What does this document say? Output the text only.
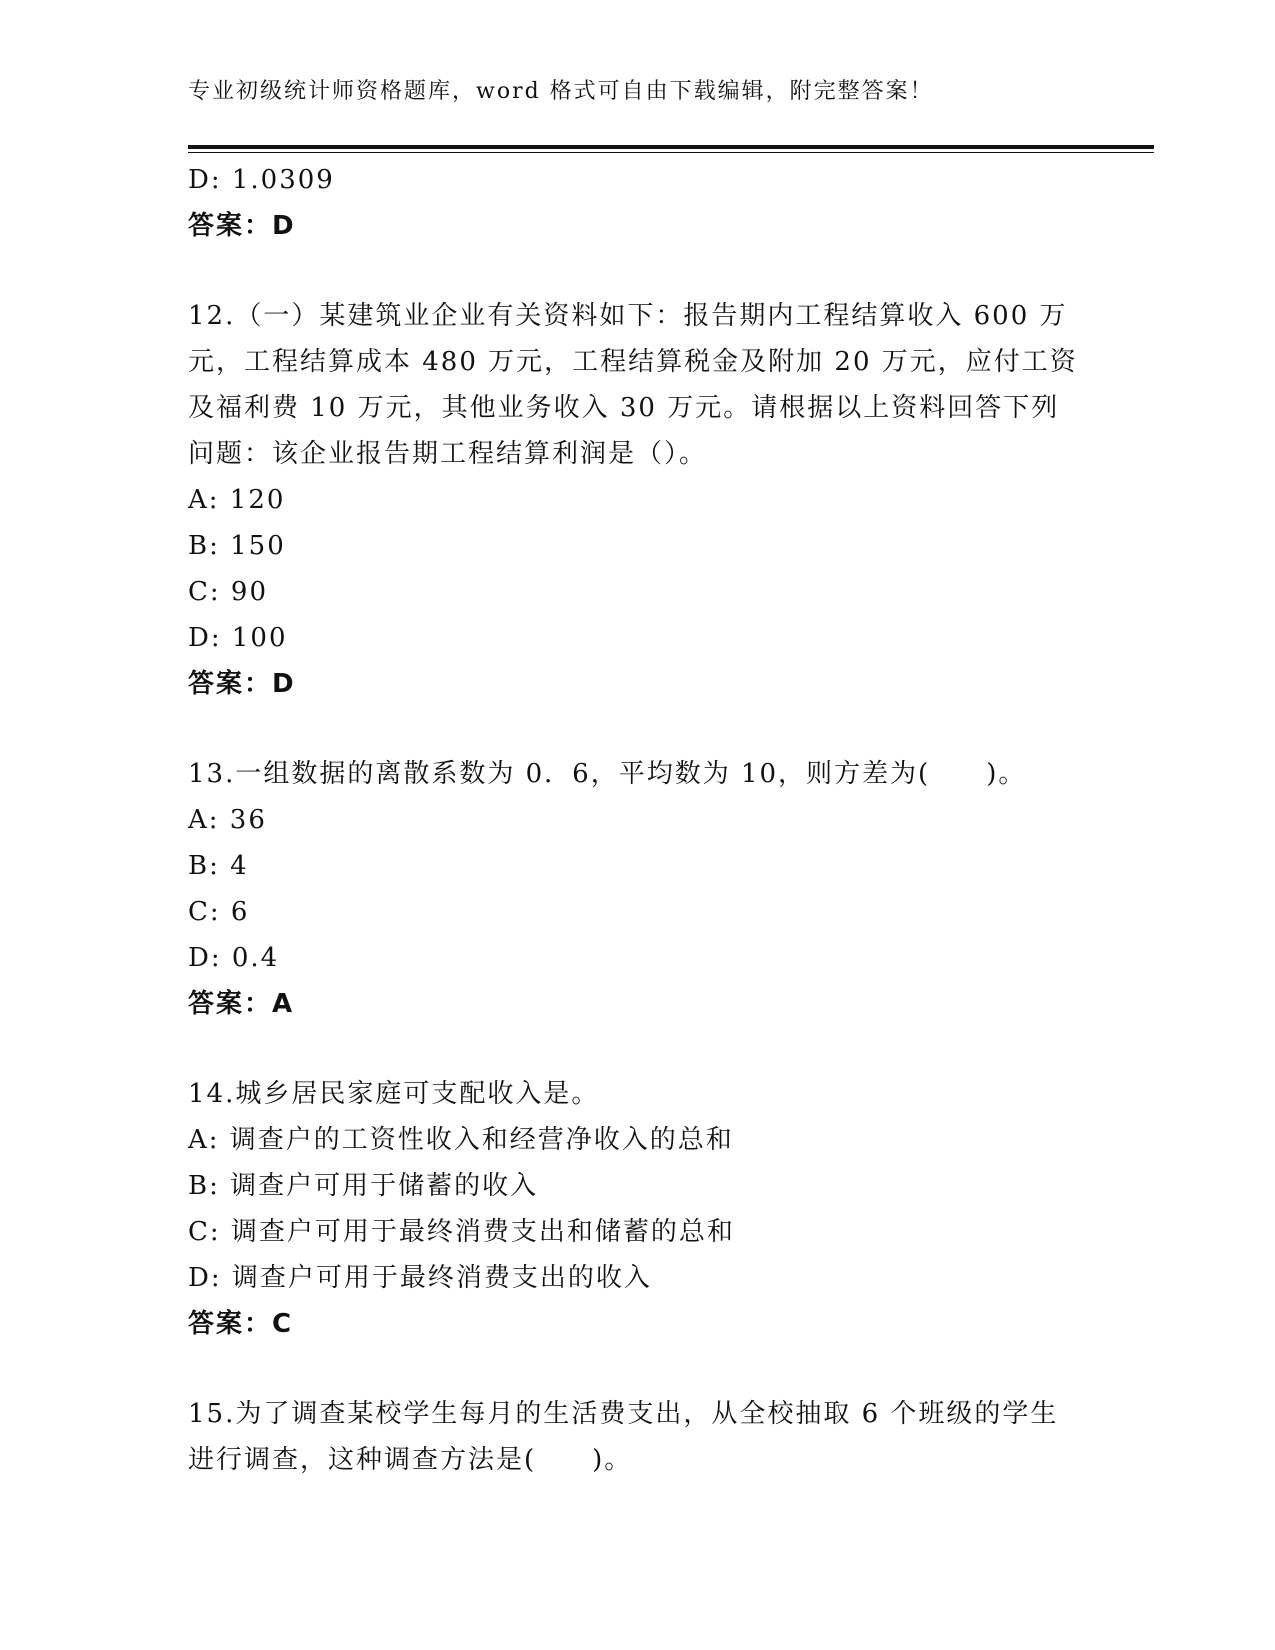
专业初级统计师资格题库，word 格式可自由下载编辑，附完整答案！
D: 1.0309
答案：D
12.（一）某建筑业企业有关资料如下：报告期内工程结算收入 600 万
元，工程结算成本 480 万元，工程结算税金及附加 20 万元，应付工资
及福利费 10 万元，其他业务收入 30 万元。请根据以上资料回答下列
问题：该企业报告期工程结算利润是（）。
A: 120
B: 150
C: 90
D: 100
答案：D
13.一组数据的离散系数为 0．6，平均数为 10，则方差为(　　)。
A: 36
B: 4
C: 6
D: 0.4
答案：A
14.城乡居民家庭可支配收入是。
A: 调查户的工资性收入和经营净收入的总和
B: 调查户可用于储蓄的收入
C: 调查户可用于最终消费支出和储蓄的总和
D: 调查户可用于最终消费支出的收入
答案：C
15.为了调查某校学生每月的生活费支出，从全校抽取 6 个班级的学生
进行调查，这种调查方法是(　　)。
